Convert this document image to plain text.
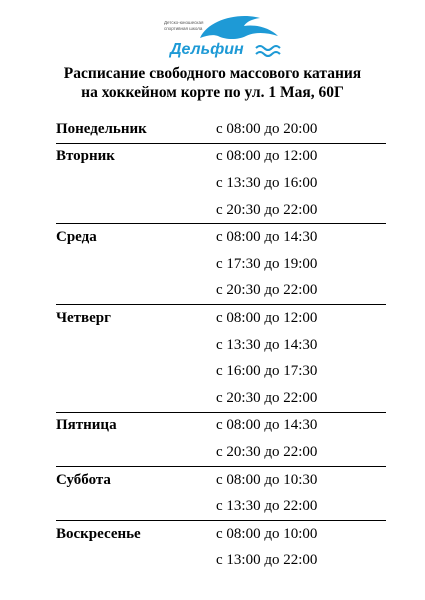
Детско-юношеская
спортивная школа
Дельфин
Расписание свободного массового катания
на хоккейном корте по ул. 1 Мая, 60Г
Понедельник	с 08:00 до 20:00
Вторник	с 08:00 до 12:00
с 13:30 до 16:00
с 20:30 до 22:00
Среда	с 08:00 до 14:30
с 17:30 до 19:00
с 20:30 до 22:00
Четверг	с 08:00 до 12:00
с 13:30 до 14:30
с 16:00 до 17:30
с 20:30 до 22:00
Пятница	с 08:00 до 14:30
с 20:30 до 22:00
Суббота	с 08:00 до 10:30
с 13:30 до 22:00
Воскресенье	с 08:00 до 10:00
с 13:00 до 22:00
